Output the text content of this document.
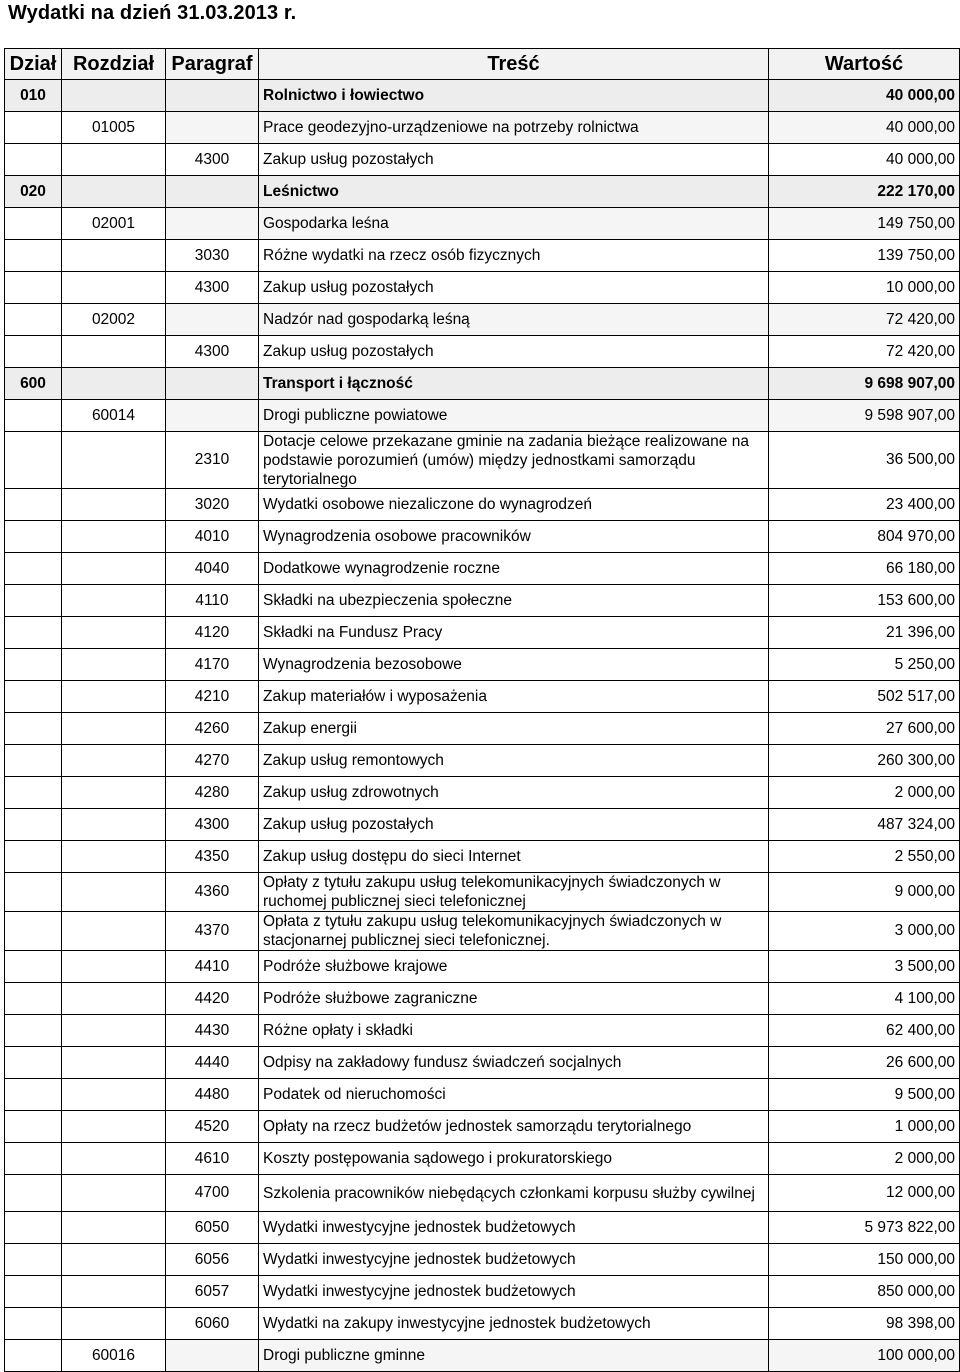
Wydatki na dzień 31.03.2013 r.
Dział	Rozdział	Paragraf	Treść	Wartość
010			Rolnictwo i łowiectwo	40 000,00
	01005		Prace geodezyjno-urządzeniowe na potrzeby rolnictwa	40 000,00
		4300	Zakup usług pozostałych	40 000,00
020			Leśnictwo	222 170,00
	02001		Gospodarka leśna	149 750,00
		3030	Różne wydatki na rzecz osób fizycznych	139 750,00
		4300	Zakup usług pozostałych	10 000,00
	02002		Nadzór nad gospodarką leśną	72 420,00
		4300	Zakup usług pozostałych	72 420,00
600			Transport i łączność	9 698 907,00
	60014		Drogi publiczne powiatowe	9 598 907,00
		2310	Dotacje celowe przekazane gminie na zadania bieżące realizowane na podstawie porozumień (umów) między jednostkami samorządu terytorialnego	36 500,00
		3020	Wydatki osobowe niezaliczone do wynagrodzeń	23 400,00
		4010	Wynagrodzenia osobowe pracowników	804 970,00
		4040	Dodatkowe wynagrodzenie roczne	66 180,00
		4110	Składki na ubezpieczenia społeczne	153 600,00
		4120	Składki na Fundusz Pracy	21 396,00
		4170	Wynagrodzenia bezosobowe	5 250,00
		4210	Zakup materiałów i wyposażenia	502 517,00
		4260	Zakup energii	27 600,00
		4270	Zakup usług remontowych	260 300,00
		4280	Zakup usług zdrowotnych	2 000,00
		4300	Zakup usług pozostałych	487 324,00
		4350	Zakup usług dostępu do sieci Internet	2 550,00
		4360	Opłaty z tytułu zakupu usług telekomunikacyjnych świadczonych w ruchomej publicznej sieci telefonicznej	9 000,00
		4370	Opłata z tytułu zakupu usług telekomunikacyjnych świadczonych w stacjonarnej publicznej sieci telefonicznej.	3 000,00
		4410	Podróże służbowe krajowe	3 500,00
		4420	Podróże służbowe zagraniczne	4 100,00
		4430	Różne opłaty i składki	62 400,00
		4440	Odpisy na zakładowy fundusz świadczeń socjalnych	26 600,00
		4480	Podatek od nieruchomości	9 500,00
		4520	Opłaty na rzecz budżetów jednostek samorządu terytorialnego	1 000,00
		4610	Koszty postępowania sądowego i prokuratorskiego	2 000,00
		4700	Szkolenia pracowników niebędących członkami korpusu służby cywilnej	12 000,00
		6050	Wydatki inwestycyjne jednostek budżetowych	5 973 822,00
		6056	Wydatki inwestycyjne jednostek budżetowych	150 000,00
		6057	Wydatki inwestycyjne jednostek budżetowych	850 000,00
		6060	Wydatki na zakupy inwestycyjne jednostek budżetowych	98 398,00
	60016		Drogi publiczne gminne	100 000,00
